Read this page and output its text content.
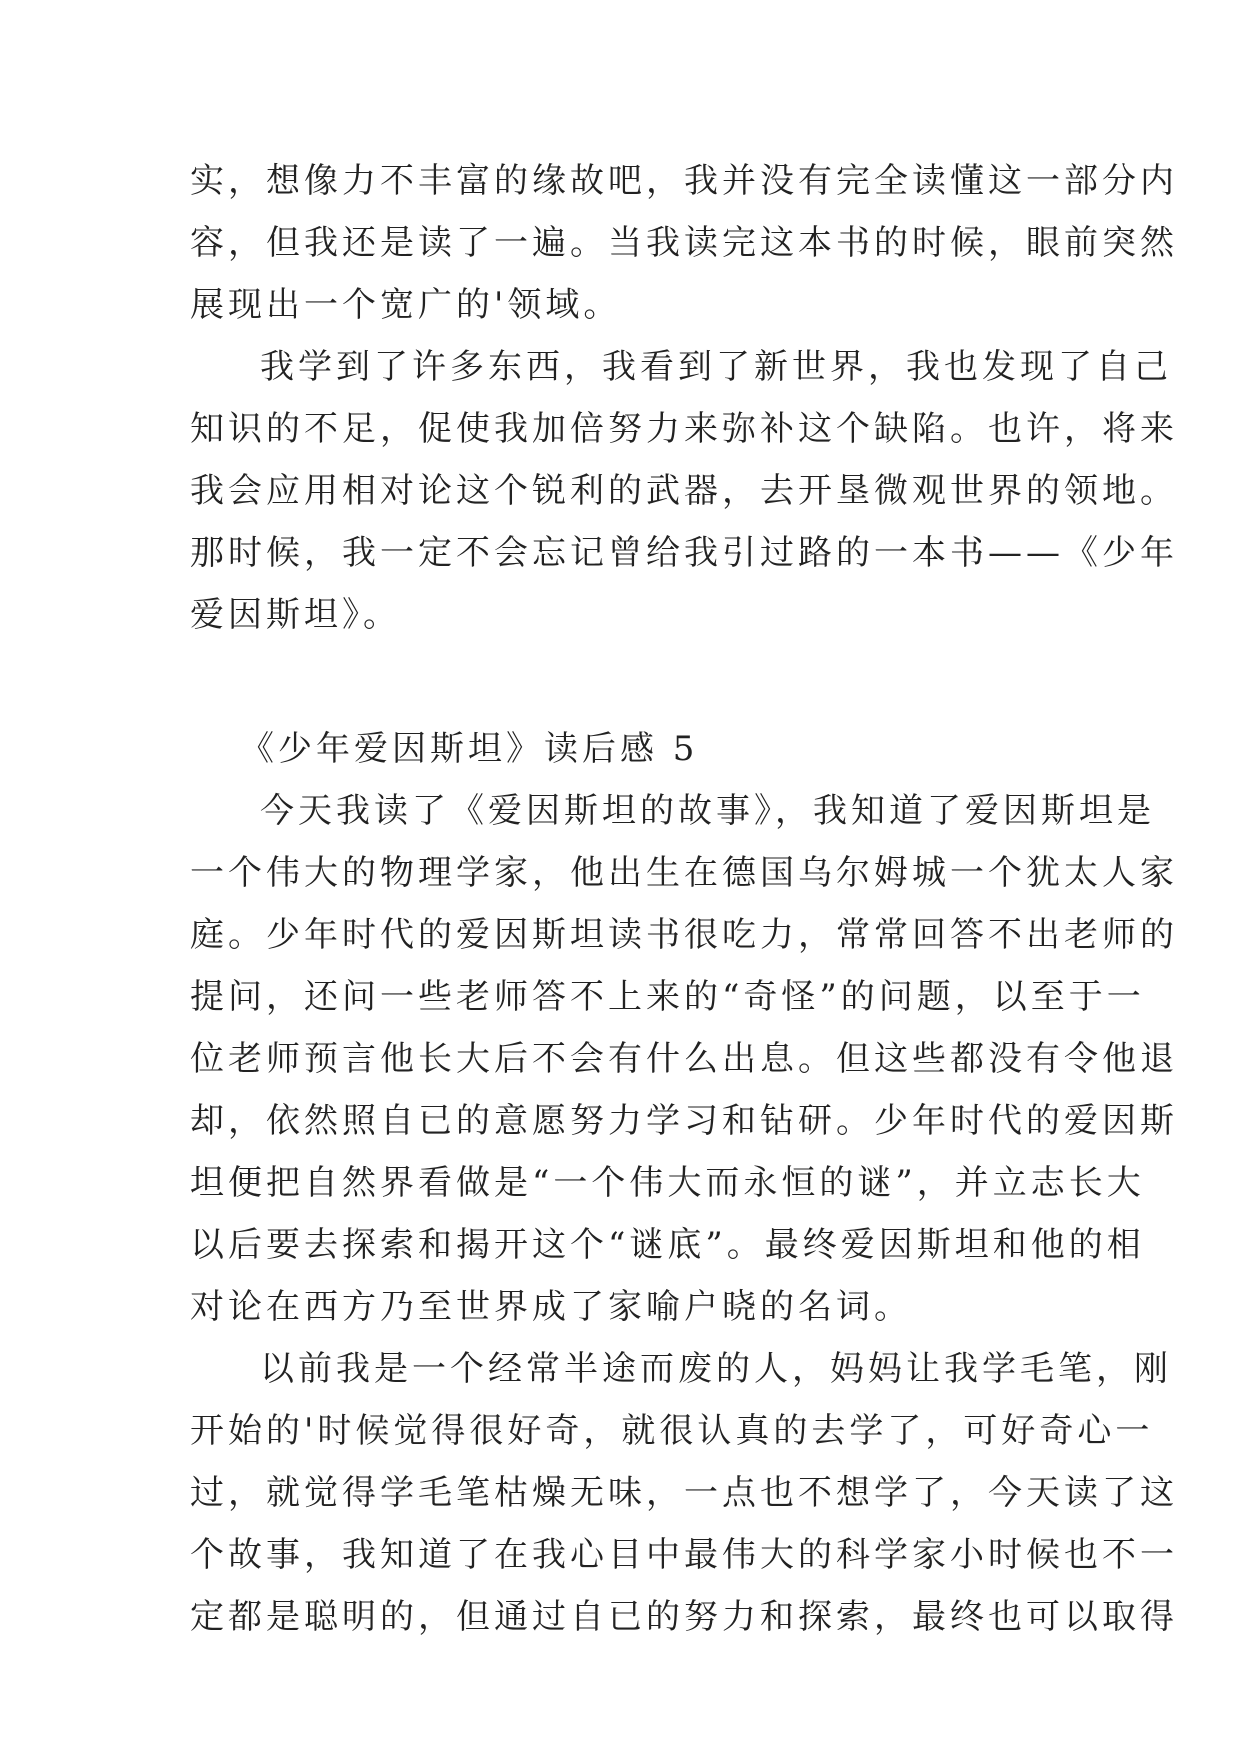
实，想像力不丰富的缘故吧，我并没有完全读懂这一部分内
容，但我还是读了一遍。当我读完这本书的时候，眼前突然
展现出一个宽广的'领域。
我学到了许多东西，我看到了新世界，我也发现了自己
知识的不足，促使我加倍努力来弥补这个缺陷。也许，将来
我会应用相对论这个锐利的武器，去开垦微观世界的领地。
那时候，我一定不会忘记曾给我引过路的一本书——《少年
爱因斯坦》。
《少年爱因斯坦》读后感 5
今天我读了《爱因斯坦的故事》，我知道了爱因斯坦是
一个伟大的物理学家，他出生在德国乌尔姆城一个犹太人家
庭。少年时代的爱因斯坦读书很吃力，常常回答不出老师的
提问，还问一些老师答不上来的“奇怪”的问题，以至于一
位老师预言他长大后不会有什么出息。但这些都没有令他退
却，依然照自已的意愿努力学习和钻研。少年时代的爱因斯
坦便把自然界看做是“一个伟大而永恒的谜”，并立志长大
以后要去探索和揭开这个“谜底”。最终爱因斯坦和他的相
对论在西方乃至世界成了家喻户晓的名词。
以前我是一个经常半途而废的人，妈妈让我学毛笔，刚
开始的'时候觉得很好奇，就很认真的去学了，可好奇心一
过，就觉得学毛笔枯燥无味，一点也不想学了，今天读了这
个故事，我知道了在我心目中最伟大的科学家小时候也不一
定都是聪明的，但通过自已的努力和探索，最终也可以取得
